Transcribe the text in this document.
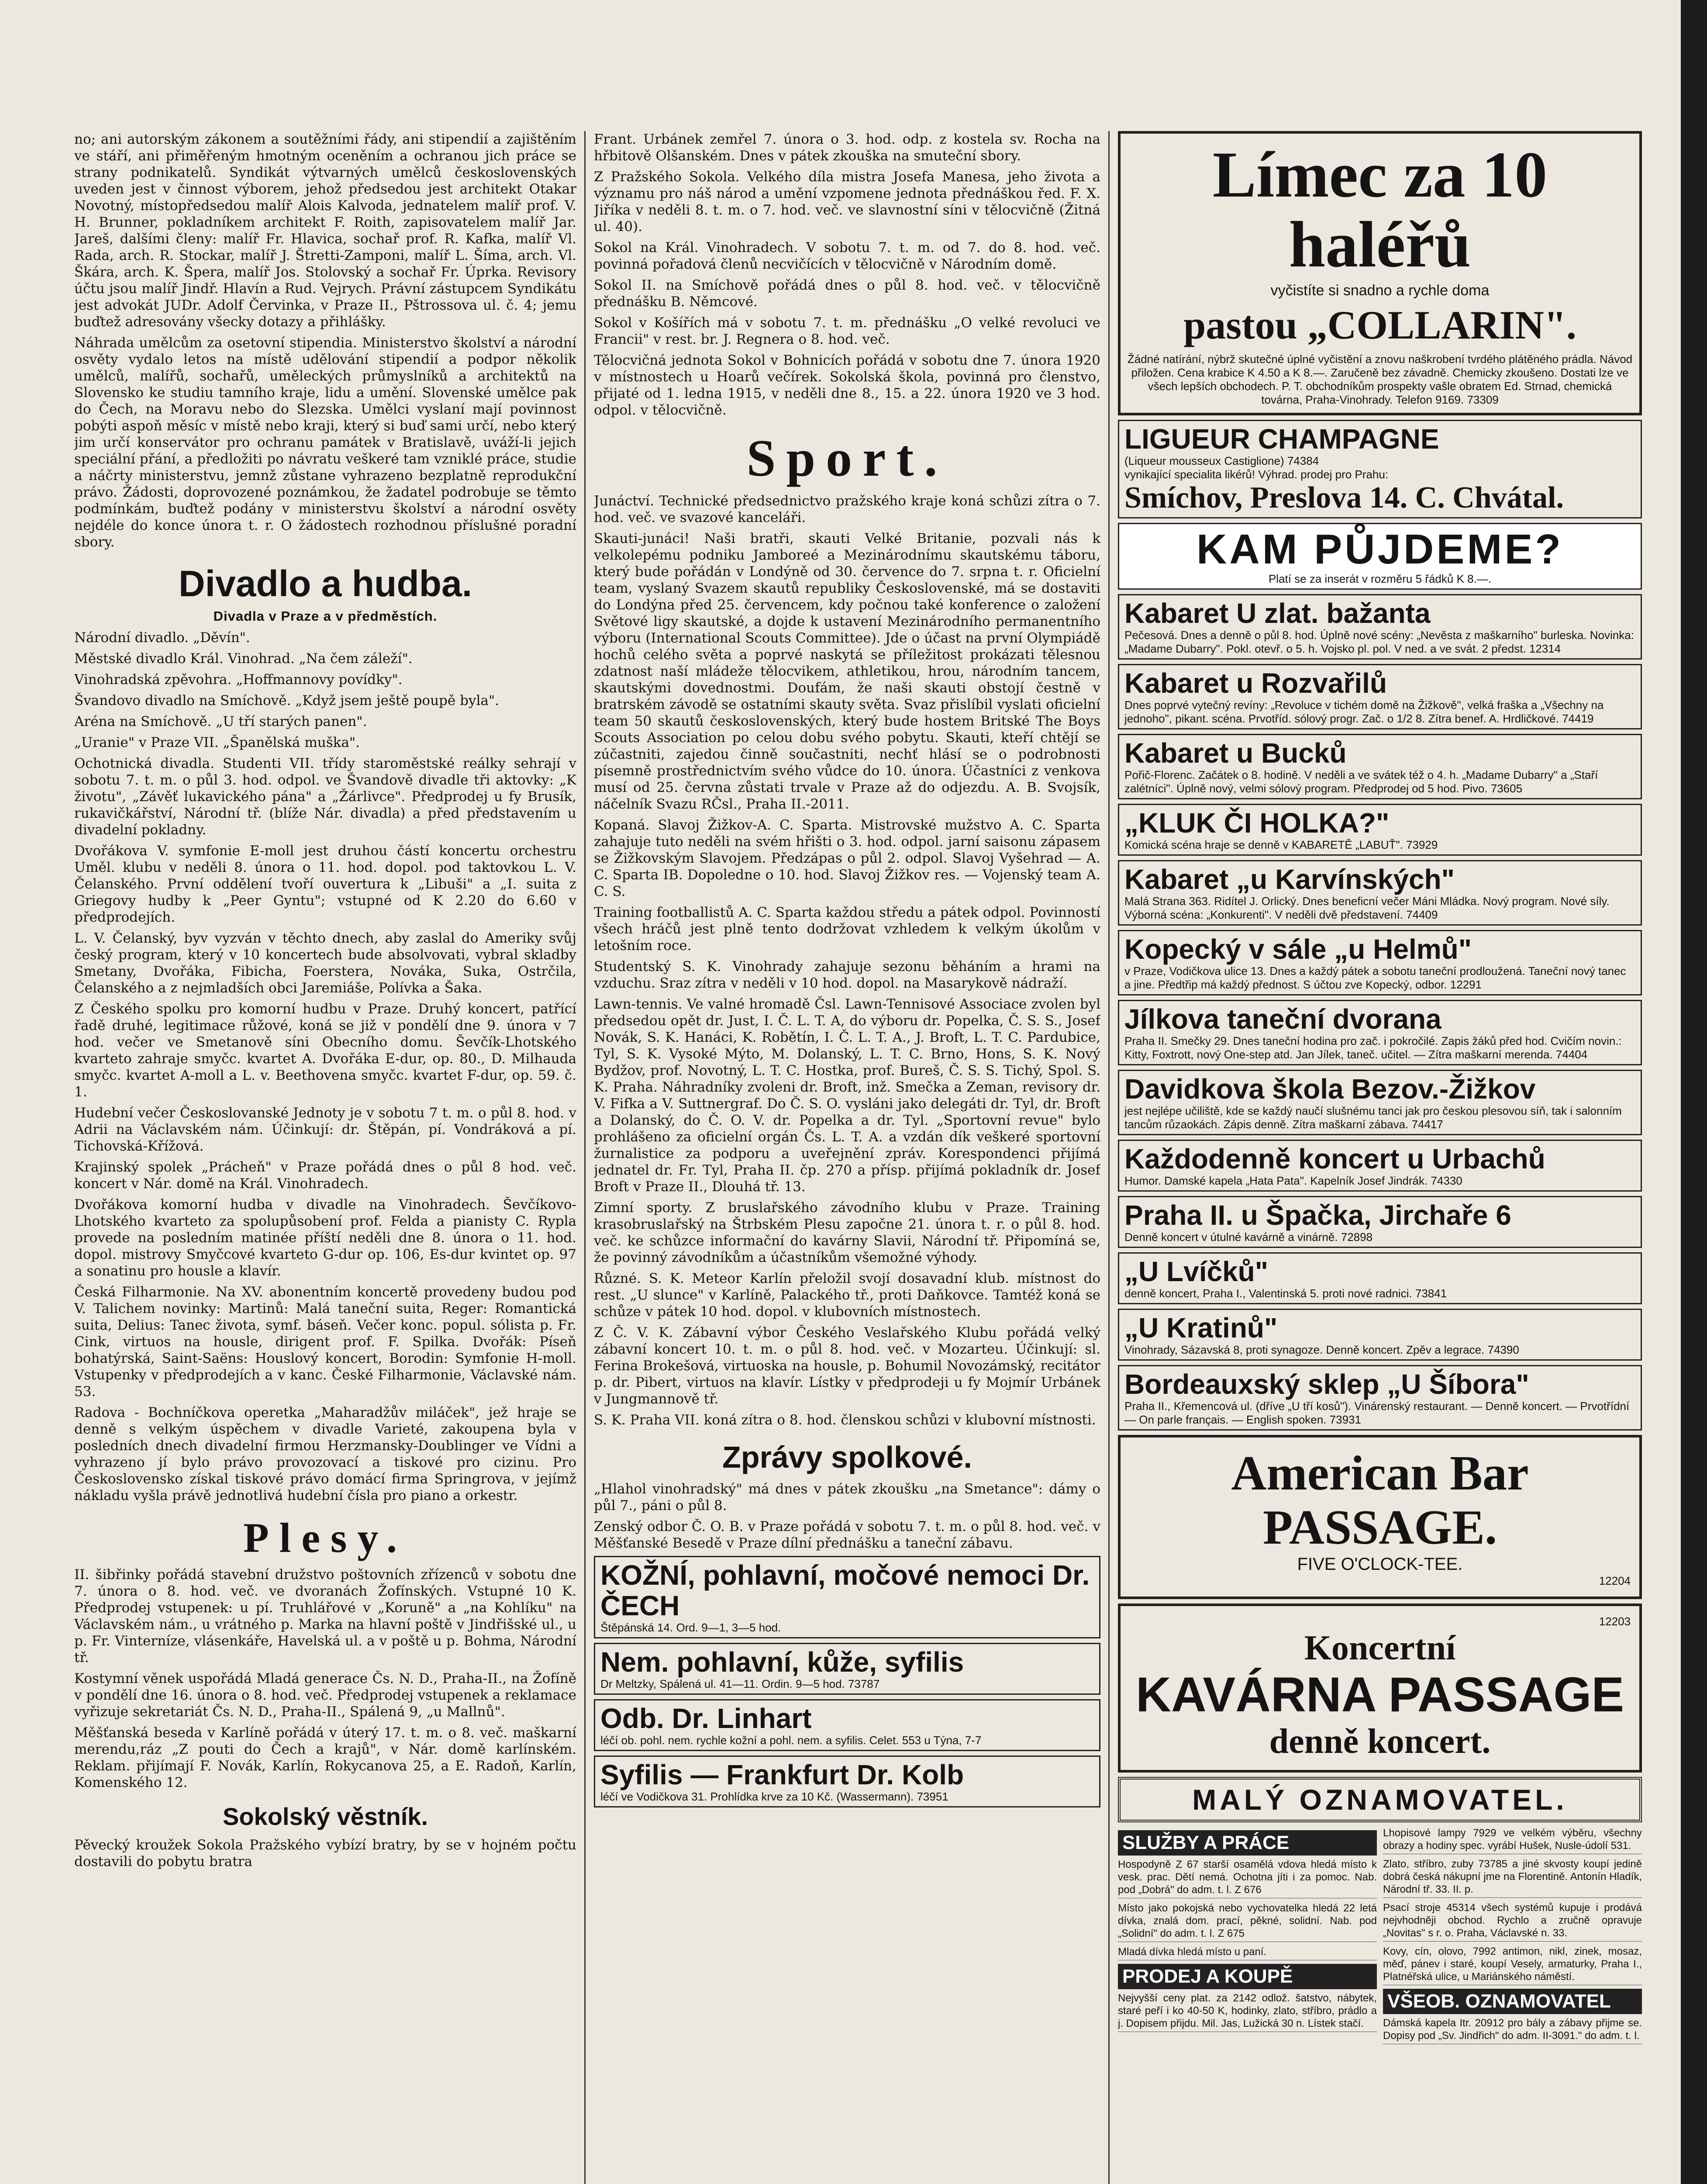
no; ani autorským zákonem a soutěžními řády, ani stipendií a zajištěním ve stáří, ani přiměřeným hmotným oceněním a ochranou jich práce se strany podnikatelů. Syndikát výtvarných umělců československých uveden jest v činnost výborem, jehož předsedou jest architekt Otakar Novotný, místopředsedou malíř Alois Kalvoda, jednatelem malíř prof. V. H. Brunner, pokladníkem architekt F. Roith, zapisovatelem malíř Jar. Jareš, dalšími členy: malíř Fr. Hlavica, sochař prof. R. Kafka, malíř Vl. Rada, arch. R. Stockar, malíř J. Štretti-Zamponi, malíř L. Šíma, arch. Vl. Škára, arch. K. Špera, malíř Jos. Stolovský a sochař Fr. Úprka. Revisory účtu jsou malíř Jindř. Hlavín a Rud. Vejrych. Právní zástupcem Syndikátu jest advokát JUDr. Adolf Červinka, v Praze II., Pštrossova ul. č. 4; jemu buďtež adresovány všecky dotazy a přihlášky.

Náhrada umělcům za osetovní stipendia. Ministerstvo školství a národní osvěty vydalo letos na místě udělování stipendií a podpor několik umělců, malířů, sochařů, uměleckých průmyslníků a architektů na Slovensko ke studiu tamního kraje, lidu a umění. Slovenské umělce pak do Čech, na Moravu nebo do Slezska. Umělci vyslaní mají povinnost pobýti aspoň měsíc v místě nebo kraji, který si buď sami určí, nebo který jim určí konservátor pro ochranu památek v Bratislavě, uváží-li jejich speciální přání, a předložiti po návratu veškeré tam vzniklé práce, studie a náčrty ministerstvu, jemnž zůstane vyhrazeno bezplatně reprodukční právo. Žádosti, doprovozené poznámkou, že žadatel podrobuje se těmto podmínkám, buďtež podány v ministerstvu školství a národní osvěty nejdéle do konce února t. r. O žádostech rozhodnou příslušné poradní sbory.

Divadlo a hudba.
Divadla v Praze a v předměstích.

Národní divadlo. „Děvín".

Městské divadlo Král. Vinohrad. „Na čem záleží".

Vinohradská zpěvohra. „Hoffmannovy povídky".

Švandovo divadlo na Smíchově. „Když jsem ještě poupě byla".

Aréna na Smíchově. „U tří starých panen".

„Uranie" v Praze VII. „Španělská muška".

Ochotnická divadla. Studenti VII. třídy staroměstské reálky sehrají v sobotu 7. t. m. o půl 3. hod. odpol. ve Švandově divadle tři aktovky: „K životu", „Závěť lukavického pána" a „Žárlivce". Předprodej u fy Brusík, rukavičkářství, Národní tř. (blíže Nár. divadla) a před představením u divadelní pokladny.

Dvořákova V. symfonie E-moll jest druhou částí koncertu orchestru Uměl. klubu v neděli 8. února o 11. hod. dopol. pod taktovkou L. V. Čelanského. První oddělení tvoří ouvertura k „Libuši" a „I. suita z Griegovy hudby k „Peer Gyntu"; vstupné od K 2.20 do 6.60 v předprodejích.

L. V. Čelanský, byv vyzván v těchto dnech, aby zaslal do Ameriky svůj český program, který v 10 koncertech bude absolvovati, vybral skladby Smetany, Dvořáka, Fibicha, Foerstera, Nováka, Suka, Ostrčila, Čelanského a z nejmladších obci Jaremiáše, Polívka a Šaka.

Z Českého spolku pro komorní hudbu v Praze. Druhý koncert, patřící řadě druhé, legitimace růžové, koná se již v pondělí dne 9. února v 7 hod. večer ve Smetanově síni Obecního domu. Ševčík-Lhotského kvarteto zahraje smyčc. kvartet A. Dvořáka E-dur, op. 80., D. Milhauda smyčc. kvartet A-moll a L. v. Beethovena smyčc. kvartet F-dur, op. 59. č. 1.

Hudební večer Českoslovanské Jednoty je v sobotu 7 t. m. o půl 8. hod. v Adrii na Václavském nám. Účinkují: dr. Štěpán, pí. Vondráková a pí. Tichovská-Křížová.

Krajinský spolek „Prácheň" v Praze pořádá dnes o půl 8 hod. več. koncert v Nár. domě na Král. Vinohradech.

Dvořákova komorní hudba v divadle na Vinohradech. Ševčíkovo-Lhotského kvarteto za spolupůsobení prof. Felda a pianisty C. Rypla provede na posledním matinée příští neděli dne 8. února o 11. hod. dopol. mistrovy Smyčcové kvarteto G-dur op. 106, Es-dur kvintet op. 97 a sonatinu pro housle a klavír.

Česká Filharmonie. Na XV. abonentním koncertě provedeny budou pod V. Talichem novinky: Martinů: Malá taneční suita, Reger: Romantická suita, Delius: Tanec života, symf. báseň. Večer konc. popul. sólista p. Fr. Cink, virtuos na housle, dirigent prof. F. Spilka. Dvořák: Píseň bohatýrská, Saint-Saëns: Houslový koncert, Borodin: Symfonie H-moll. Vstupenky v předprodejích a v kanc. České Filharmonie, Václavské nám. 53.

Radova - Bochníčkova operetka „Maharadžův miláček", jež hraje se denně s velkým úspěchem v divadle Varieté, zakoupena byla v posledních dnech divadelní firmou Herzmansky-Doublinger ve Vídni a vyhrazeno jí bylo právo provozovací a tiskové pro cizinu. Pro Československo získal tiskové právo domácí firma Springrova, v jejímž nákladu vyšla právě jednotlivá hudební čísla pro piano a orkestr.

Plesy.

II. šibřinky pořádá stavební družstvo poštovních zřízenců v sobotu dne 7. února o 8. hod. več. ve dvoranách Žofínských. Vstupné 10 K. Předprodej vstupenek: u pí. Truhlářové v „Koruně" a „na Kohlíku" na Václavském nám., u vrátného p. Marka na hlavní poště v Jindřišské ul., u p. Fr. Vinterníze, vlásenkáře, Havelská ul. a v poště u p. Bohma, Národní tř.

Kostymní věnek uspořádá Mladá generace Čs. N. D., Praha-II., na Žofíně v pondělí dne 16. února o 8. hod. več. Předprodej vstupenek a reklamace vyřizuje sekretariát Čs. N. D., Praha-II., Spálená 9, „u Mallnů".

Měšťanská beseda v Karlíně pořádá v úterý 17. t. m. o 8. več. maškarní merendu,ráz „Z pouti do Čech a krajů", v Nár. domě karlínském. Reklam. přijímají F. Novák, Karlín, Rokycanova 25, a E. Radoň, Karlín, Komenského 12.

Sokolský věstník.

Pěvecký kroužek Sokola Pražského vybízí bratry, by se v hojném počtu dostavili do pobytu bratra

Frant. Urbánek zemřel 7. února o 3. hod. odp. z kostela sv. Rocha na hřbitově Olšanském. Dnes v pátek zkouška na smuteční sbory.

Z Pražského Sokola. Velkého díla mistra Josefa Manesa, jeho života a významu pro náš národ a umění vzpomene jednota přednáškou řed. F. X. Jiříka v neděli 8. t. m. o 7. hod. več. ve slavnostní síni v tělocvičně (Žitná ul. 40).

Sokol na Král. Vinohradech. V sobotu 7. t. m. od 7. do 8. hod. več. povinná pořadová členů necvičících v tělocvičně v Národním domě.

Sokol II. na Smíchově pořádá dnes o půl 8. hod. več. v tělocvičně přednášku B. Němcové.

Sokol v Košířích má v sobotu 7. t. m. přednášku „O velké revoluci ve Francii" v rest. br. J. Regnera o 8. hod. več.

Tělocvičná jednota Sokol v Bohnicích pořádá v sobotu dne 7. února 1920 v místnostech u Hoarů večírek. Sokolská škola, povinná pro členstvo, přijaté od 1. ledna 1915, v neděli dne 8., 15. a 22. února 1920 ve 3 hod. odpol. v tělocvičně.

Sport.

Junáctví. Technické předsednictvo pražského kraje koná schůzi zítra o 7. hod. več. ve svazové kanceláři.

Skauti-junáci! Naši bratři, skauti Velké Britanie, pozvali nás k velkolepému podniku Jamboreé a Mezinárodnímu skautskému táboru, který bude pořádán v Londýně od 30. července do 7. srpna t. r. Oficielní team, vyslaný Svazem skautů republiky Československé, má se dostaviti do Londýna před 25. červencem, kdy počnou také konference o založení Světové ligy skautské, a dojde k ustavení Mezinárodního permanentního výboru (International Scouts Committee). Jde o účast na první Olympiádě hochů celého světa a poprvé naskytá se příležitost prokázati tělesnou zdatnost naší mládeže tělocvikem, athletikou, hrou, národním tancem, skautskými dovednostmi. Doufám, že naši skauti obstojí čestně v bratrském závodě se ostatními skauty světa. Svaz přislíbil vyslati oficielní team 50 skautů československých, který bude hostem Britské The Boys Scouts Association po celou dobu svého pobytu. Skauti, kteří chtějí se zúčastniti, zajedou činně součastniti, nechť hlásí se o podrobnosti písemně prostřednictvím svého vůdce do 10. února. Účastníci z venkova musí od 25. června zůstati trvale v Praze až do odjezdu. A. B. Svojsík, náčelník Svazu RČsl., Praha II.-2011.

Kopaná. Slavoj Žižkov-A. C. Sparta. Mistrovské mužstvo A. C. Sparta zahajuje tuto neděli na svém hřišti o 3. hod. odpol. jarní saisonu zápasem se Žižkovským Slavojem. Předzápas o půl 2. odpol. Slavoj Vyšehrad — A. C. Sparta IB. Dopoledne o 10. hod. Slavoj Žižkov res. — Vojenský team A. C. S.

Training footballistů A. C. Sparta každou středu a pátek odpol. Povinností všech hráčů jest plně tento dodržovat vzhledem k velkým úkolům v letošním roce.

Studentský S. K. Vinohrady zahajuje sezonu běháním a hrami na vzduchu. Sraz zítra v neděli v 10 hod. dopol. na Masarykově nádraží.

Lawn-tennis. Ve valné hromadě Čsl. Lawn-Tennisové Associace zvolen byl předsedou opět dr. Just, I. Č. L. T. A, do výboru dr. Popelka, Č. S. S., Josef Novák, S. K. Hanáci, K. Robětín, I. Č. L. T. A., J. Broft, L. T. C. Pardubice, Tyl, S. K. Vysoké Mýto, M. Dolanský, L. T. C. Brno, Hons, S. K. Nový Bydžov, prof. Novotný, L. T. C. Hostka, prof. Bureš, Č. S. S. Tichý, Spol. S. K. Praha. Náhradníky zvoleni dr. Broft, inž. Smečka a Zeman, revisory dr. V. Fifka a V. Suttnergraf. Do Č. S. O. vysláni jako delegáti dr. Tyl, dr. Broft a Dolanský, do Č. O. V. dr. Popelka a dr. Tyl. „Sportovní revue" bylo prohlášeno za oficielní orgán Čs. L. T. A. a vzdán dík veškeré sportovní žurnalistice za podporu a uveřejnění zpráv. Korespondenci přijímá jednatel dr. Fr. Tyl, Praha II. čp. 270 a přísp. přijímá pokladník dr. Josef Broft v Praze II., Dlouhá tř. 13.

Zimní sporty. Z bruslařského závodního klubu v Praze. Training krasobruslařský na Štrbském Plesu započne 21. února t. r. o půl 8. hod. več. ke schůzce informační do kavárny Slavii, Národní tř. Připomíná se, že povinný závodníkům a účastníkům všemožné výhody.

Různé. S. K. Meteor Karlín přeložil svojí dosavadní klub. místnost do rest. „U slunce" v Karlíně, Palackého tř., proti Daňkovce. Tamtéž koná se schůze v pátek 10 hod. dopol. v klubovních místnostech.

Z Č. V. K. Zábavní výbor Českého Veslařského Klubu pořádá velký zábavní koncert 10. t. m. o půl 8. hod. več. v Mozarteu. Účinkují: sl. Ferina Brokešová, virtuoska na housle, p. Bohumil Novozámský, recitátor p. dr. Pibert, virtuos na klavír. Lístky v předprodeji u fy Mojmír Urbánek v Jungmannově tř.

S. K. Praha VII. koná zítra o 8. hod. členskou schůzi v klubovní místnosti.

Zprávy spolkové.

„Hlahol vinohradský" má dnes v pátek zkoušku „na Smetance": dámy o půl 7., páni o půl 8.

Zenský odbor Č. O. B. v Praze pořádá v sobotu 7. t. m. o půl 8. hod. več. v Měšťanské Besedě v Praze dílní přednášku a taneční zábavu.

KOŽNÍ, pohlavní, močové nemoci Dr. ČECH
Štěpánská 14. Ord. 9—1, 3—5 hod.
Nem. pohlavní, kůže, syfilis
Dr Meltzky, Spálená ul. 41—11. Ordin. 9—5 hod. 73787
Odb. Dr. Linhart
léčí ob. pohl. nem. rychle kožní a pohl. nem. a syfilis. Celet. 553 u Týna, 7-7
Syfilis — Frankfurt Dr. Kolb
léčí ve Vodičkova 31. Prohlídka krve za 10 Kč. (Wassermann). 73951
Límec za 10 haléřů
vyčistíte si snadno a rychle doma
pastou „COLLARIN".
Žádné natírání, nýbrž skutečné úplné vyčistění a znovu naškrobení tvrdého plátěného prádla. Návod přiložen. Cena krabice K 4.50 a K 8.—. Zaručeně bez závadně. Chemicky zkoušeno. Dostati lze ve všech lepších obchodech. P. T. obchodníkům prospekty vašle obratem Ed. Strnad, chemická továrna, Praha-Vinohrady. Telefon 9169. 73309
LIGUEUR CHAMPAGNE
(Liqueur mousseux Castiglione) 74384
vynikající specialita likérů! Výhrad. prodej pro Prahu:
Smíchov, Preslova 14. C. Chvátal.
KAM PŮJDEME?
Platí se za inserát v rozměru 5 řádků K 8.—.
Kabaret U zlat. bažanta
Pečesová. Dnes a denně o půl 8. hod. Úplně nové scény: „Nevěsta z maškarního" burleska. Novinka: „Madame Dubarry". Pokl. otevř. o 5. h. Vojsko pl. pol. V ned. a ve svát. 2 předst. 12314
Kabaret u Rozvařilů
Dnes poprvé vytečný revíny: „Revoluce v tichém domě na Žižkově", velká fraška a „Všechny na jednoho", pikant. scéna. Prvotříd. sólový progr. Zač. o 1/2 8. Zítra benef. A. Hrdličkové. 74419
Kabaret u Bucků
Pořič-Florenc. Začátek o 8. hodině. V neděli a ve svátek též o 4. h. „Madame Dubarry" a „Staří zalétníci". Úplně nový, velmi sólový program. Předprodej od 5 hod. Pivo. 73605
„KLUK ČI HOLKA?"
Komická scéna hraje se denně v KABARETĚ „LABUŤ". 73929
Kabaret „u Karvínských"
Malá Strana 363. Ridítel J. Orlický. Dnes beneficní večer Máni Mládka. Nový program. Nové síly. Výborná scéna: „Konkurenti". V neděli dvě představení. 74409
Kopecký v sále „u Helmů"
v Praze, Vodičkova ulice 13. Dnes a každý pátek a sobotu taneční prodloužená. Taneční nový tanec a jine. Předtřip má každý přednost. S účtou zve Kopecký, odbor. 12291
Jílkova taneční dvorana
Praha II. Smečky 29. Dnes taneční hodina pro zač. i pokročilé. Zapis žáků před hod. Cvičím novin.: Kitty, Foxtrott, nový One-step atd. Jan Jílek, taneč. učitel. — Zítra maškarní merenda. 74404
Davidkova škola Bezov.-Žižkov
jest nejlépe učiliště, kde se každý naučí slušnému tanci jak pro českou plesovou síň, tak i salonním tancům růzaokách. Zápis denně. Zítra maškarní zábava. 74417
Každodenně koncert u Urbachů
Humor. Damské kapela „Hata Pata". Kapelník Josef Jindrák. 74330
Praha II. u Špačka, Jirchaře 6
Denně koncert v útulné kavárně a vinárně. 72898
„U Lvíčků"
denně koncert, Praha I., Valentinská 5. proti nové radnici. 73841
„U Kratinů"
Vinohrady, Sázavská 8, proti synagoze. Denně koncert. Zpěv a legrace. 74390
Bordeauxský sklep „U Šíbora"
Praha II., Křemencová ul. (dříve „U tří kosů"). Vinárenský restaurant. — Denně koncert. — Prvotřídní — On parle français. — English spoken. 73931
American Bar
PASSAGE.
FIVE O'CLOCK-TEE.
12204
12203
Koncertní
KAVÁRNA PASSAGE
denně koncert.
MALÝ OZNAMOVATEL.
SLUŽBY A PRÁCE

Hospodyně Z 67 starší osamělá vdova hledá místo k vesk. prac. Dětí nemá. Ochotna jíti i za pomoc. Nab. pod „Dobrá" do adm. t. l. Z 676

Místo jako pokojská nebo vychovatelka hledá 22 letá dívka, znalá dom. prací, pěkné, solidní. Nab. pod „Solidní" do adm. t. l. Z 675

Mladá dívka hledá místo u paní.

PRODEJ A KOUPĚ

Nejvyšší ceny plat. za 2142 odlož. šatstvo, nábytek, staré peří i ko 40-50 K, hodinky, zlato, stříbro, prádlo a j. Dopisem přijdu. Mil. Jas, Lužická 30 n. Lístek stačí.

Lhopisové lampy 7929 ve velkém výběru, všechny obrazy a hodiny spec. vyrábí Hušek, Nusle-údolí 531.

Zlato, stříbro, zuby 73785 a jiné skvosty koupí jedině dobrá česká nákupní jme na Florentině. Antonín Hladík, Národní tř. 33. II. p.

Psací stroje 45314 všech systémů kupuje i prodává nejvhodněji obchod. Rychlo a zručně opravuje „Novitas" s r. o. Praha, Václavské n. 33.

Kovy, cín, olovo, 7992 antimon, nikl, zinek, mosaz, měď, pánev i staré, koupí Vesely, armaturky, Praha I., Platnéřská ulice, u Mariánského náměstí.

VŠEOB. OZNAMOVATEL

Dámská kapela Itr. 20912 pro bály a zábavy přijme se. Dopisy pod „Sv. Jindřich" do adm. II-3091." do adm. t. l.
